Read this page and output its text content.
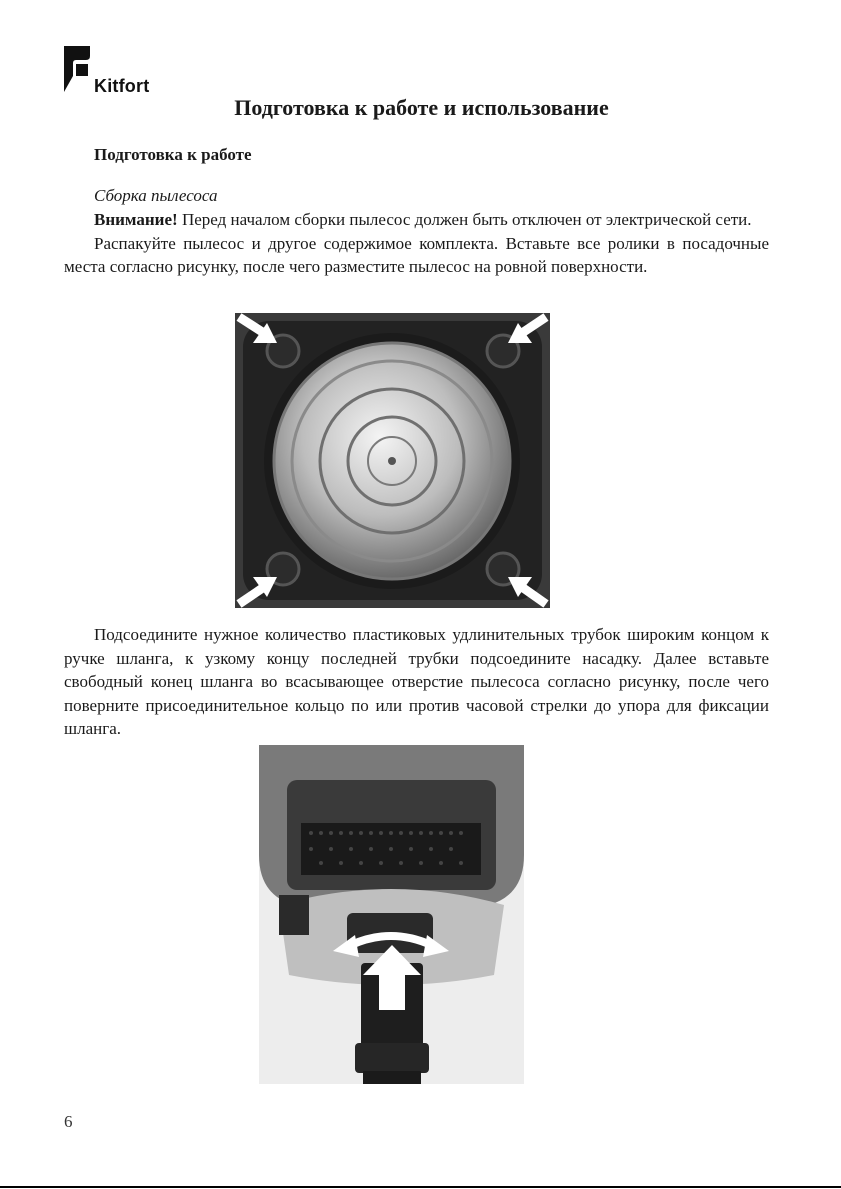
Kitfort
Подготовка к работе и использование
Подготовка к работе
Сборка пылесоса

Внимание! Перед началом сборки пылесос должен быть отключен от электрической сети.

Распакуйте пылесос и другое содержимое комплекта. Вставьте все ролики в посадочные места согласно рисунку, после чего разместите пылесос на ровной поверхности.

Подсоедините нужное количество пластиковых удлинительных трубок широким концом к ручке шланга, к узкому концу последней трубки подсоедините насадку. Далее вставьте свободный конец шланга во всасывающее отверстие пылесоса согласно рисунку, после чего поверните присоединительное кольцо по или против часовой стрелки до упора для фиксации шланга.

6
